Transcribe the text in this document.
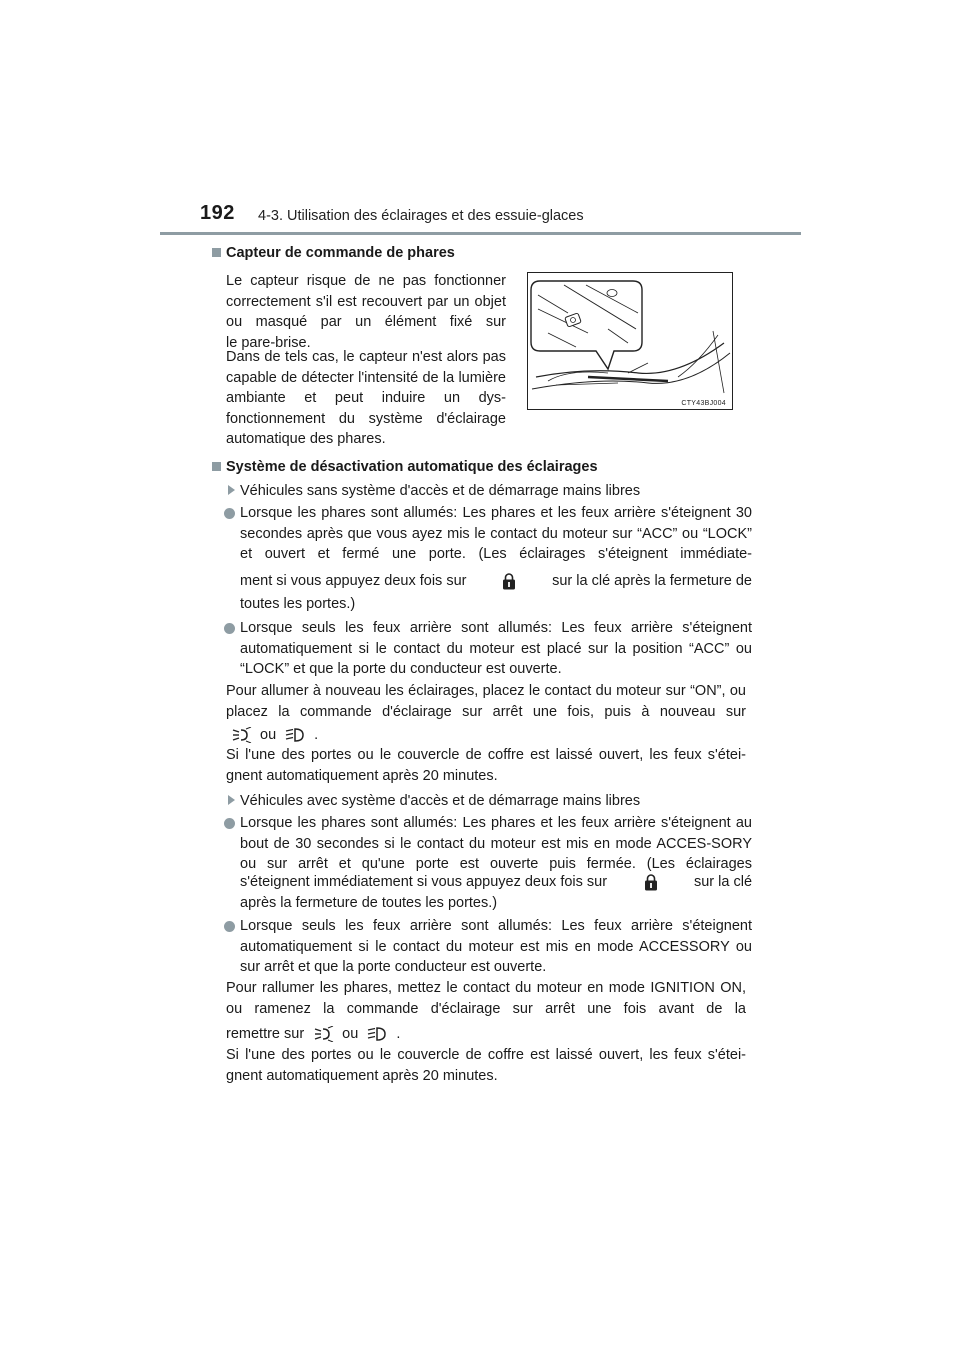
192 4-3. Utilisation des éclairages et des essuie-glaces
Capteur de commande de phares
Le capteur risque de ne pas fonctionner correctement s'il est recouvert par un objet ou masqué par un élément fixé sur
le pare-brise.
Dans de tels cas, le capteur n'est alors pas capable de détecter l'intensité de la lumière ambiante et peut induire un dys-fonctionnement du système d'éclairage
automatique des phares.
CTY43BJ004
Système de désactivation automatique des éclairages
Véhicules sans système d'accès et de démarrage mains libres
Lorsque les phares sont allumés: Les phares et les feux arrière s'éteignent 30 secondes après que vous ayez mis le contact du moteur sur “ACC” ou “LOCK” et ouvert et fermé une porte. (Les éclairages s'éteignent immédiate-
ment si vous appuyez deux fois sur	sur la clé après la fermeture de
toutes les portes.)
Lorsque seuls les feux arrière sont allumés: Les feux arrière s'éteignent automatiquement si le contact du moteur est placé sur la position “ACC” ou
“LOCK” et que la porte du conducteur est ouverte.
Pour allumer à nouveau les éclairages, placez le contact du moteur sur “ON”, ou placez la commande d'éclairage sur arrêt une fois, puis à nouveau sur
ou	.
Si l'une des portes ou le couvercle de coffre est laissé ouvert, les feux s'étei-
gnent automatiquement après 20 minutes.
Véhicules avec système d'accès et de démarrage mains libres
Lorsque les phares sont allumés: Les phares et les feux arrière s'éteignent au bout de 30 secondes si le contact du moteur est mis en mode ACCES-SORY ou sur arrêt et qu'une porte est ouverte puis fermée. (Les éclairages
s'éteignent immédiatement si vous appuyez deux fois sur	sur la clé
après la fermeture de toutes les portes.)
Lorsque seuls les feux arrière sont allumés: Les feux arrière s'éteignent automatiquement si le contact du moteur est mis en mode ACCESSORY ou
sur arrêt et que la porte conducteur est ouverte.
Pour rallumer les phares, mettez le contact du moteur en mode IGNITION ON, ou ramenez la commande d'éclairage sur arrêt une fois avant de la
remettre sur	ou	.
Si l'une des portes ou le couvercle de coffre est laissé ouvert, les feux s'étei-
gnent automatiquement après 20 minutes.
